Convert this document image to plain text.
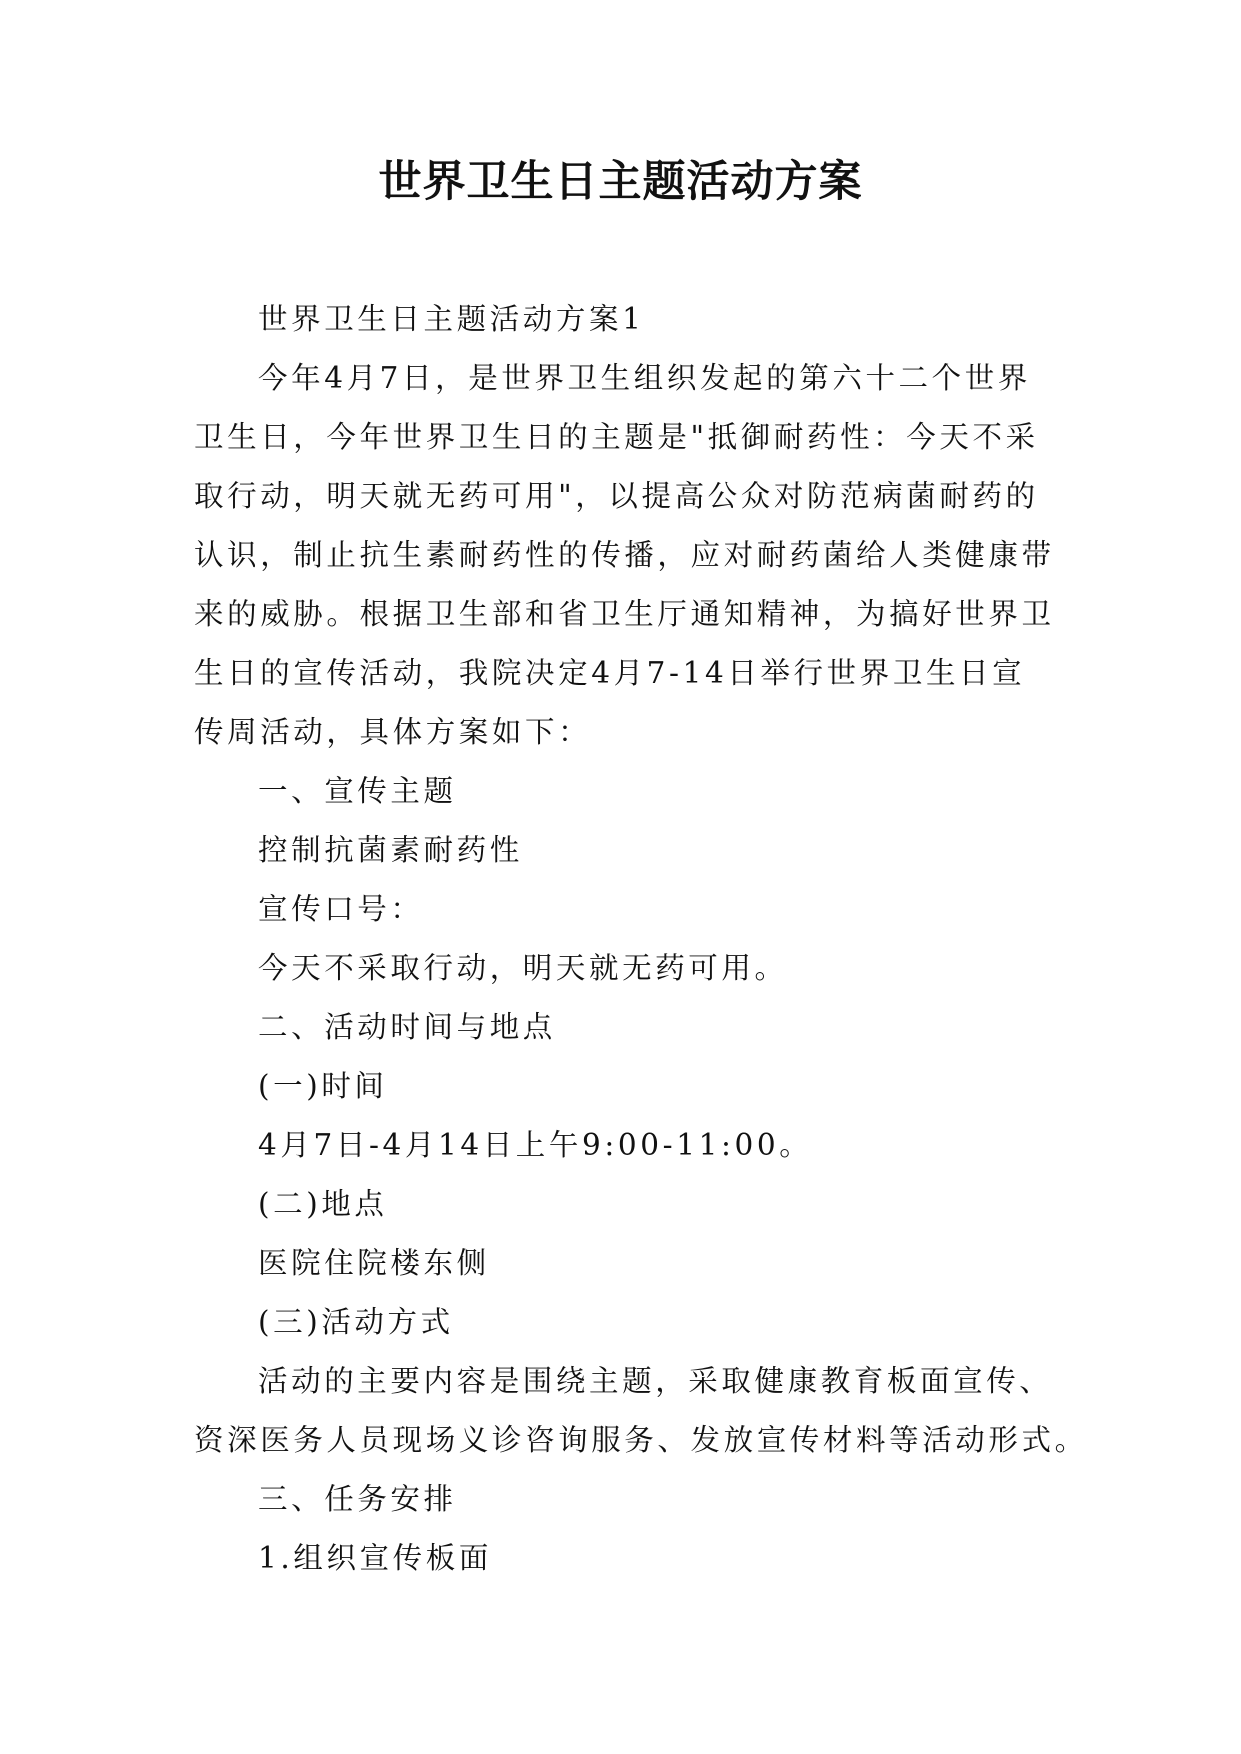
世界卫生日主题活动方案

世界卫生日主题活动方案1

今年4月7日，是世界卫生组织发起的第六十二个世界

卫生日，今年世界卫生日的主题是"抵御耐药性：今天不采

取行动，明天就无药可用"，以提高公众对防范病菌耐药的

认识，制止抗生素耐药性的传播，应对耐药菌给人类健康带

来的威胁。根据卫生部和省卫生厅通知精神，为搞好世界卫

生日的宣传活动，我院决定4月7-14日举行世界卫生日宣

传周活动，具体方案如下：

一、宣传主题

控制抗菌素耐药性

宣传口号：

今天不采取行动，明天就无药可用。

二、活动时间与地点

(一)时间

4月7日-4月14日上午9:00-11:00。

(二)地点

医院住院楼东侧

(三)活动方式

活动的主要内容是围绕主题，采取健康教育板面宣传、

资深医务人员现场义诊咨询服务、发放宣传材料等活动形式。

三、任务安排

1.组织宣传板面
